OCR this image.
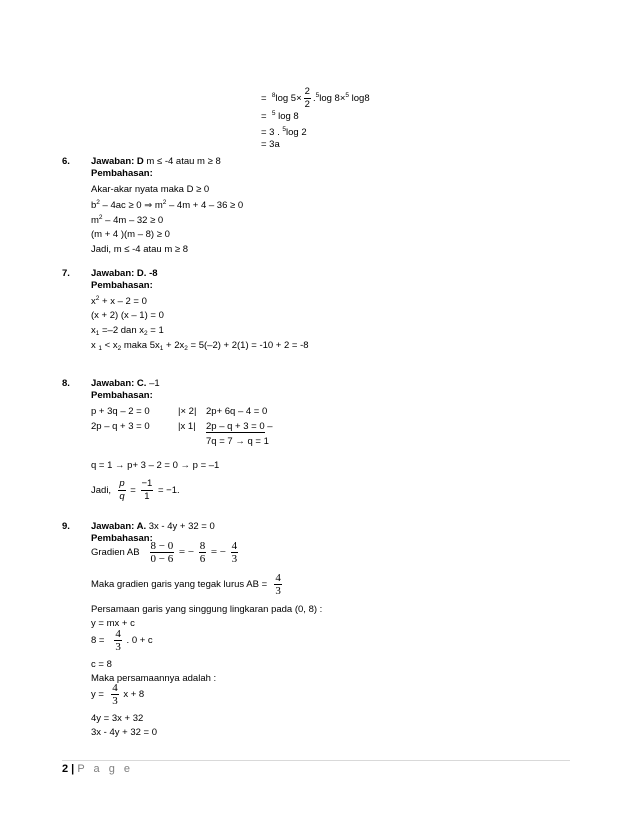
= $^8$log $5\times \frac{2}{2} .^5\log$ 8×$^5$ log8
= $^5$ log 8
= 3 . $^5$log 2
= 3a
6. Jawaban: D m ≤ -4 atau m ≥ 8
Pembahasan:
Akar-akar nyata maka D ≥ 0
$b^2 - 4ac \ge 0$ ⇒ $m^2 - 4m + 4 - 36 \ge 0$
$m^2 - 4m - 32 \ge 0$
(m + 4 )(m – 8) ≥ 0
Jadi, m ≤ -4 atau m ≥ 8
7. Jawaban: D. -8
Pembahasan:
$x^2 + x - 2 = 0$
(x + 2) (x – 1) = 0
$x_1 =-2$ dan $x_2 = 1$
x $_1 < x_2$ maka $5x_1 + 2x_2 = 5(-2) + 2(1) = -10 + 2 = -8$
8. Jawaban: C. –1
Pembahasan:
p + 3q – 2 = 0	|× 2| 2p+ 6q – 4 = 0
2p – q + 3 = 0	|x 1| 2p – q + 3 = 0 –
7q = 7 → q = 1
q = 1 → p+ 3 – 2 = 0 → p = –1
Jadi, $\frac{p}{q} = \frac{-1}{1} = -1$.
9. Jawaban: A. 3x - 4y + 32 = 0
Pembahasan:
Gradien AB $\frac{8 - 0}{0 - 6}$ = − $\frac{8}{6}$ = − $\frac{4}{3}$
Maka gradien garis yang tegak lurus AB = $\frac{4}{3}$
Persamaan garis yang singgung lingkaran pada (0, 8) :
y = mx + c
$8 = \frac{4}{3}$ . 0 + c
c = 8
Maka persamaannya adalah :
$y = \frac{4}{3}$ x + 8
4y = 3x + 32
3x - 4y + 32 = 0
2 | P a g e
